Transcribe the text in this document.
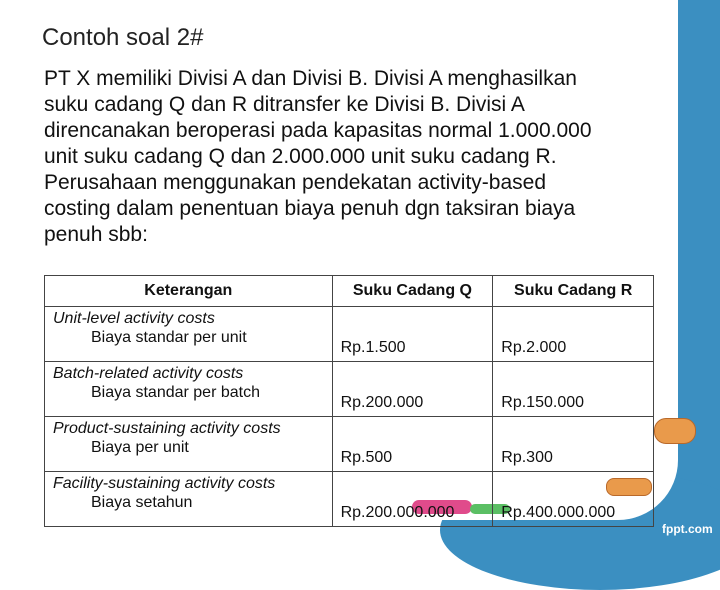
Contoh soal 2#
PT X memiliki Divisi A dan Divisi B. Divisi A menghasilkan
suku cadang Q dan R ditransfer ke Divisi B. Divisi A
direncanakan beroperasi pada kapasitas normal 1.000.000
unit suku cadang Q dan 2.000.000 unit suku cadang R.
Perusahaan menggunakan pendekatan activity-based
costing dalam penentuan biaya penuh dgn taksiran biaya
penuh sbb:
Keterangan	Suku Cadang Q	Suku Cadang R

Unit-level activity costs
Biaya standar per unit	Rp.1.500	Rp.2.000

Batch-related activity costs
Biaya standar per batch	Rp.200.000	Rp.150.000

Product-sustaining activity costs
Biaya per unit	Rp.500	Rp.300

Facility-sustaining activity costs
Biaya setahun	Rp.200.000.000	Rp.400.000.000
fppt.com
